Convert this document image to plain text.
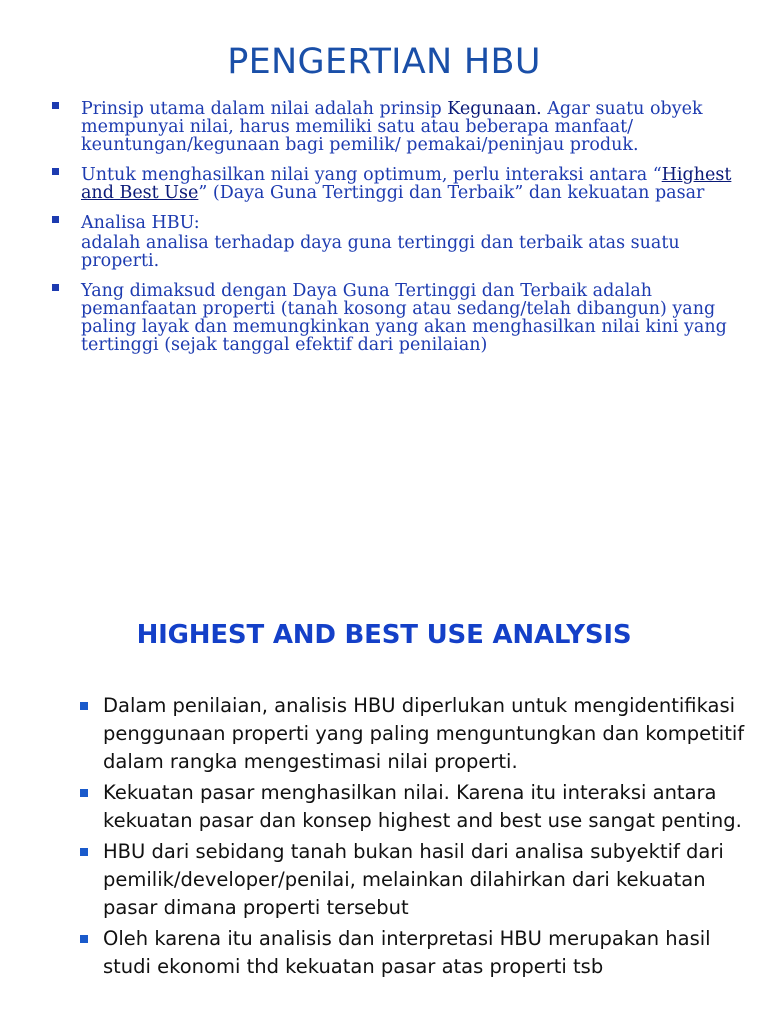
PENGERTIAN HBU
Prinsip utama dalam nilai adalah prinsip Kegunaan. Agar suatu obyek mempunyai nilai, harus memiliki satu atau beberapa manfaat/ keuntungan/kegunaan bagi pemilik/ pemakai/peninjau produk.
Untuk menghasilkan nilai yang optimum, perlu interaksi antara “Highest and Best Use” (Daya Guna Tertinggi dan Terbaik” dan kekuatan pasar
Analisa HBU:
adalah analisa terhadap daya guna tertinggi dan terbaik atas suatu properti.
Yang dimaksud dengan Daya Guna Tertinggi dan Terbaik adalah pemanfaatan properti (tanah kosong atau sedang/telah dibangun) yang paling layak dan memungkinkan yang akan menghasilkan nilai kini yang tertinggi (sejak tanggal efektif dari penilaian)
HIGHEST AND BEST USE ANALYSIS
Dalam penilaian, analisis HBU diperlukan untuk mengidentifikasi penggunaan properti yang paling menguntungkan dan kompetitif dalam rangka mengestimasi nilai properti.
Kekuatan pasar menghasilkan nilai. Karena itu interaksi antara kekuatan pasar dan konsep highest and best use sangat penting.
HBU dari sebidang tanah bukan hasil dari analisa subyektif dari pemilik/developer/penilai, melainkan dilahirkan dari kekuatan pasar dimana properti tersebut
Oleh karena itu analisis dan interpretasi HBU merupakan hasil studi ekonomi thd kekuatan pasar atas properti tsb
